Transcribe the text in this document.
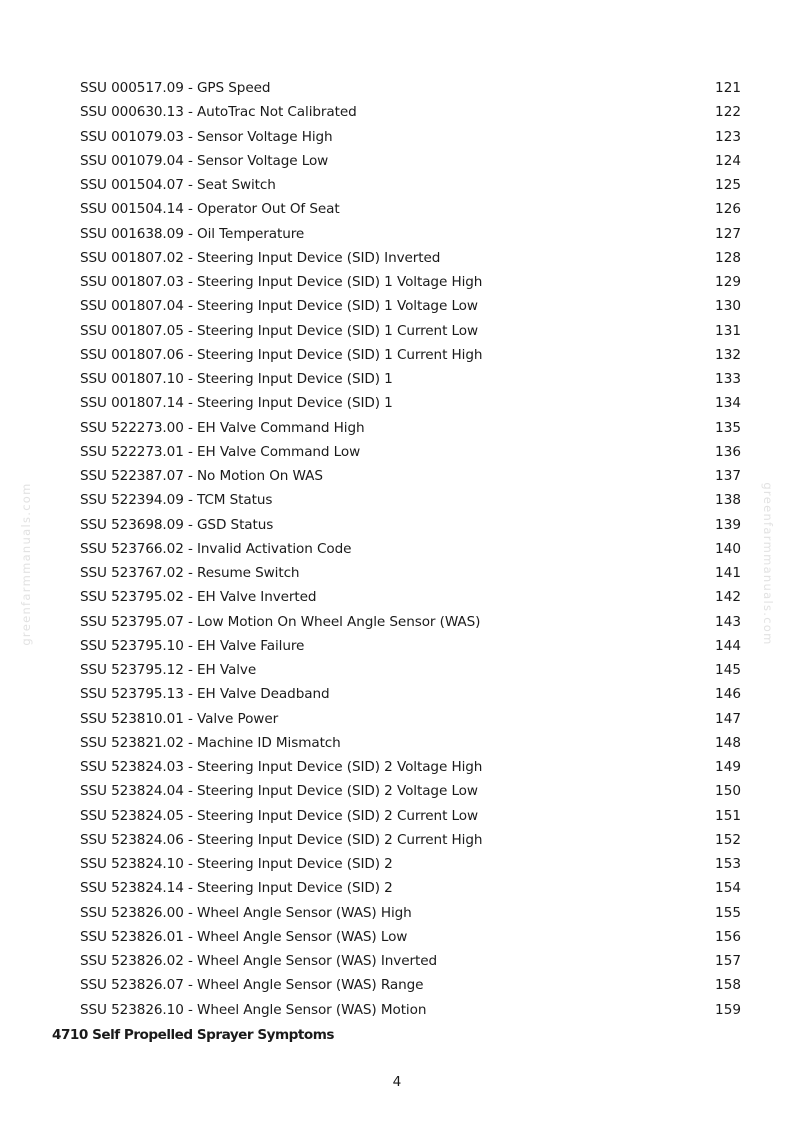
greenfarmmanuals.com	greenfarmmanuals.com
SSU 000517.09 - GPS Speed	121
SSU 000630.13 - AutoTrac Not Calibrated	122
SSU 001079.03 - Sensor Voltage High	123
SSU 001079.04 - Sensor Voltage Low	124
SSU 001504.07 - Seat Switch	125
SSU 001504.14 - Operator Out Of Seat	126
SSU 001638.09 - Oil Temperature	127
SSU 001807.02 - Steering Input Device (SID) Inverted	128
SSU 001807.03 - Steering Input Device (SID) 1 Voltage High	129
SSU 001807.04 - Steering Input Device (SID) 1 Voltage Low	130
SSU 001807.05 - Steering Input Device (SID) 1 Current Low	131
SSU 001807.06 - Steering Input Device (SID) 1 Current High	132
SSU 001807.10 - Steering Input Device (SID) 1	133
SSU 001807.14 - Steering Input Device (SID) 1	134
SSU 522273.00 - EH Valve Command High	135
SSU 522273.01 - EH Valve Command Low	136
SSU 522387.07 - No Motion On WAS	137
SSU 522394.09 - TCM Status	138
SSU 523698.09 - GSD Status	139
SSU 523766.02 - Invalid Activation Code	140
SSU 523767.02 - Resume Switch	141
SSU 523795.02 - EH Valve Inverted	142
SSU 523795.07 - Low Motion On Wheel Angle Sensor (WAS)	143
SSU 523795.10 - EH Valve Failure	144
SSU 523795.12 - EH Valve	145
SSU 523795.13 - EH Valve Deadband	146
SSU 523810.01 - Valve Power	147
SSU 523821.02 - Machine ID Mismatch	148
SSU 523824.03 - Steering Input Device (SID) 2 Voltage High	149
SSU 523824.04 - Steering Input Device (SID) 2 Voltage Low	150
SSU 523824.05 - Steering Input Device (SID) 2 Current Low	151
SSU 523824.06 - Steering Input Device (SID) 2 Current High	152
SSU 523824.10 - Steering Input Device (SID) 2	153
SSU 523824.14 - Steering Input Device (SID) 2	154
SSU 523826.00 - Wheel Angle Sensor (WAS) High	155
SSU 523826.01 - Wheel Angle Sensor (WAS) Low	156
SSU 523826.02 - Wheel Angle Sensor (WAS) Inverted	157
SSU 523826.07 - Wheel Angle Sensor (WAS) Range	158
SSU 523826.10 - Wheel Angle Sensor (WAS) Motion	159
4710 Self Propelled Sprayer Symptoms
4
